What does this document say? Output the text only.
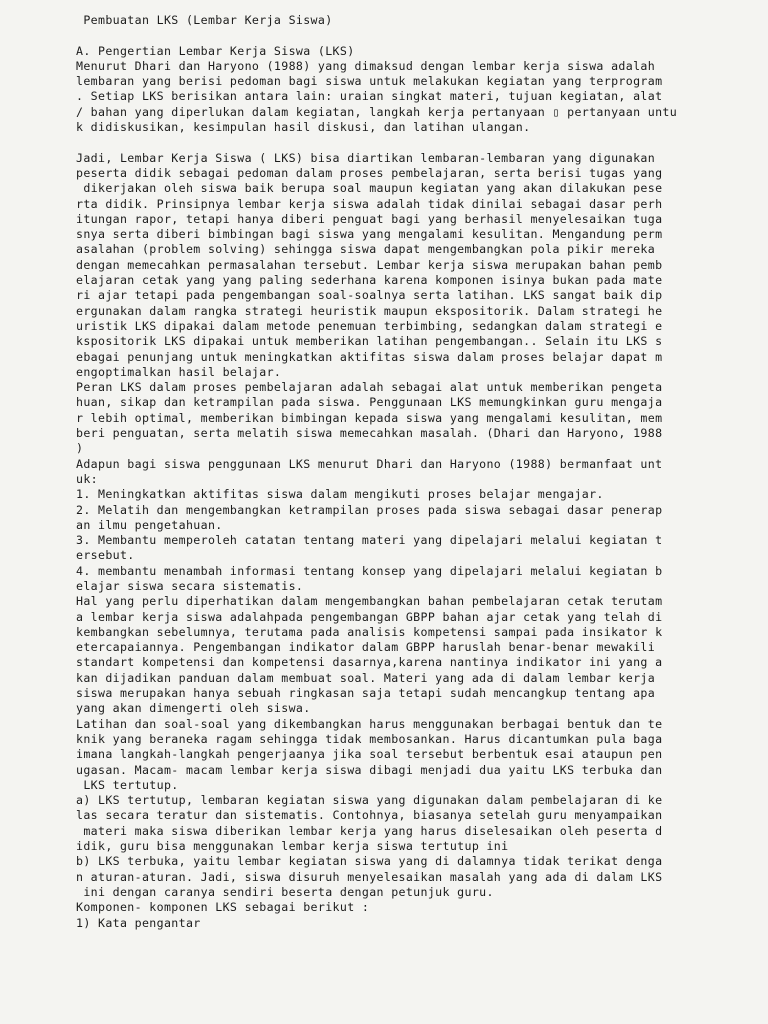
Pembuatan LKS (Lembar Kerja Siswa)
A. Pengertian Lembar Kerja Siswa (LKS)
Menurut Dhari dan Haryono (1988) yang dimaksud dengan lembar kerja siswa adalah
lembaran yang berisi pedoman bagi siswa untuk melakukan kegiatan yang terprogram
. Setiap LKS berisikan antara lain: uraian singkat materi, tujuan kegiatan, alat
/ bahan yang diperlukan dalam kegiatan, langkah kerja pertanyaan ▯ pertanyaan untu
k didiskusikan, kesimpulan hasil diskusi, dan latihan ulangan.
Jadi, Lembar Kerja Siswa ( LKS) bisa diartikan lembaran-lembaran yang digunakan
peserta didik sebagai pedoman dalam proses pembelajaran, serta berisi tugas yang
dikerjakan oleh siswa baik berupa soal maupun kegiatan yang akan dilakukan pese
rta didik. Prinsipnya lembar kerja siswa adalah tidak dinilai sebagai dasar perh
itungan rapor, tetapi hanya diberi penguat bagi yang berhasil menyelesaikan tuga
snya serta diberi bimbingan bagi siswa yang mengalami kesulitan. Mengandung perm
asalahan (problem solving) sehingga siswa dapat mengembangkan pola pikir mereka
dengan memecahkan permasalahan tersebut. Lembar kerja siswa merupakan bahan pemb
elajaran cetak yang yang paling sederhana karena komponen isinya bukan pada mate
ri ajar tetapi pada pengembangan soal-soalnya serta latihan. LKS sangat baik dip
ergunakan dalam rangka strategi heuristik maupun ekspositorik. Dalam strategi he
uristik LKS dipakai dalam metode penemuan terbimbing, sedangkan dalam strategi e
kspositorik LKS dipakai untuk memberikan latihan pengembangan.. Selain itu LKS s
ebagai penunjang untuk meningkatkan aktifitas siswa dalam proses belajar dapat m
engoptimalkan hasil belajar.
Peran LKS dalam proses pembelajaran adalah sebagai alat untuk memberikan pengeta
huan, sikap dan ketrampilan pada siswa. Penggunaan LKS memungkinkan guru mengaja
r lebih optimal, memberikan bimbingan kepada siswa yang mengalami kesulitan, mem
beri penguatan, serta melatih siswa memecahkan masalah. (Dhari dan Haryono, 1988
)
Adapun bagi siswa penggunaan LKS menurut Dhari dan Haryono (1988) bermanfaat unt
uk:
1. Meningkatkan aktifitas siswa dalam mengikuti proses belajar mengajar.
2. Melatih dan mengembangkan ketrampilan proses pada siswa sebagai dasar penerap
an ilmu pengetahuan.
3. Membantu memperoleh catatan tentang materi yang dipelajari melalui kegiatan t
ersebut.
4. membantu menambah informasi tentang konsep yang dipelajari melalui kegiatan b
elajar siswa secara sistematis.
Hal yang perlu diperhatikan dalam mengembangkan bahan pembelajaran cetak terutam
a lembar kerja siswa adalahpada pengembangan GBPP bahan ajar cetak yang telah di
kembangkan sebelumnya, terutama pada analisis kompetensi sampai pada insikator k
etercapaiannya. Pengembangan indikator dalam GBPP haruslah benar-benar mewakili
standart kompetensi dan kompetensi dasarnya,karena nantinya indikator ini yang a
kan dijadikan panduan dalam membuat soal. Materi yang ada di dalam lembar kerja
siswa merupakan hanya sebuah ringkasan saja tetapi sudah mencangkup tentang apa
yang akan dimengerti oleh siswa.
Latihan dan soal-soal yang dikembangkan harus menggunakan berbagai bentuk dan te
knik yang beraneka ragam sehingga tidak membosankan. Harus dicantumkan pula baga
imana langkah-langkah pengerjaanya jika soal tersebut berbentuk esai ataupun pen
ugasan. Macam- macam lembar kerja siswa dibagi menjadi dua yaitu LKS terbuka dan
LKS tertutup.
a) LKS tertutup, lembaran kegiatan siswa yang digunakan dalam pembelajaran di ke
las secara teratur dan sistematis. Contohnya, biasanya setelah guru menyampaikan
materi maka siswa diberikan lembar kerja yang harus diselesaikan oleh peserta d
idik, guru bisa menggunakan lembar kerja siswa tertutup ini
b) LKS terbuka, yaitu lembar kegiatan siswa yang di dalamnya tidak terikat denga
n aturan-aturan. Jadi, siswa disuruh menyelesaikan masalah yang ada di dalam LKS
ini dengan caranya sendiri beserta dengan petunjuk guru.
Komponen- komponen LKS sebagai berikut :
1) Kata pengantar
